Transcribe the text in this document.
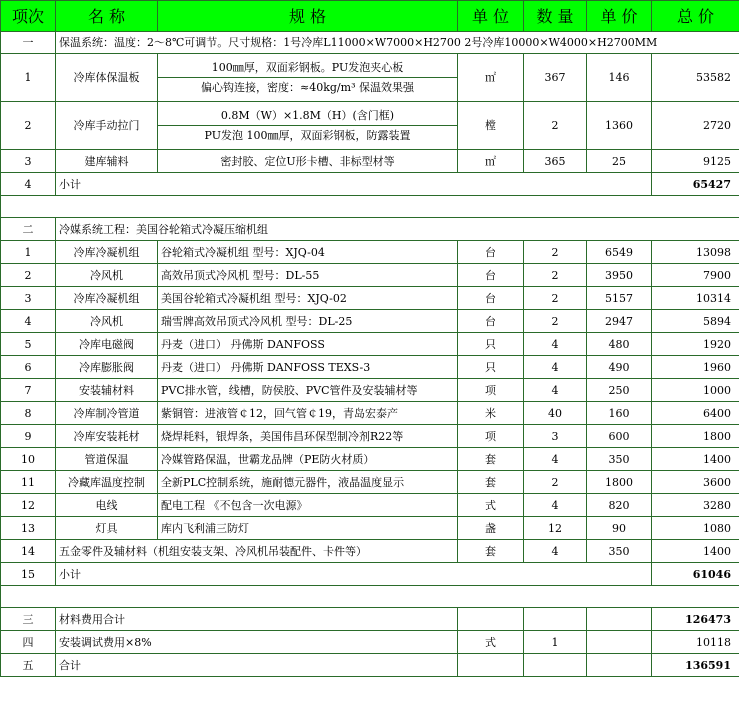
项次	名 称	规 格	单 位	数 量	单 价	总 价
一	保温系统：温度：2～8℃可调节。尺寸规格：1号冷库L11000×W7000×H2700 2号冷库10000×W4000×H2700MM					
1	冷库体保温板	100㎜厚，双面彩钢板。PU发泡夹心板
偏心钩连接，密度：≈40kg/m³ 保温效果强	㎡	367	146	53582
2	冷库手动拉门	0.8M（W）×1.8M（H）(含门框)
PU发泡 100㎜厚，双面彩钢板，防露装置	樘	2	1360	2720
3	建库辅料	密封胶、定位U形卡槽、非标型材等	㎡	365	25	9125
4	小计					65427

二	冷媒系统工程：美国谷轮箱式冷凝压缩机组					
1	冷库冷凝机组	谷轮箱式冷凝机组 型号：XJQ-04	台	2	6549	13098
2	冷风机	高效吊顶式冷风机 型号：DL-55	台	2	3950	7900
3	冷库冷凝机组	美国谷轮箱式冷凝机组 型号：XJQ-02	台	2	5157	10314
4	冷风机	瑞雪牌高效吊顶式冷风机 型号：DL-25	台	2	2947	5894
5	冷库电磁阀	丹麦（进口） 丹佛斯 DANFOSS	只	4	480	1920
6	冷库膨胀阀	丹麦（进口） 丹佛斯 DANFOSS TEXS-3	只	4	490	1960
7	安装辅材料	PVC排水管，线槽，防侯胶、PVC管件及安装辅材等	项	4	250	1000
8	冷库制冷管道	紫铜管：进液管￠12，回气管￠19，青岛宏泰产	米	40	160	6400
9	冷库安装耗材	烧焊耗料，银焊条，美国伟昌环保型制冷剂R22等	项	3	600	1800
10	管道保温	冷媒管路保温，世霸龙品牌（PE防火材质）	套	4	350	1400
11	冷藏库温度控制	全新PLC控制系统，施耐德元器件，液晶温度显示	套	2	1800	3600
12	电线	配电工程 《不包含一次电源》	式	4	820	3280
13	灯具	库内飞利浦三防灯	盏	12	90	1080
14	五金零件及辅材料（机组安装支架、冷风机吊装配件、卡件等）		套	4	350	1400
15	小计					61046

三	材料费用合计					126473
四	安装调试费用×8%		式	1		10118
五	合计					136591
